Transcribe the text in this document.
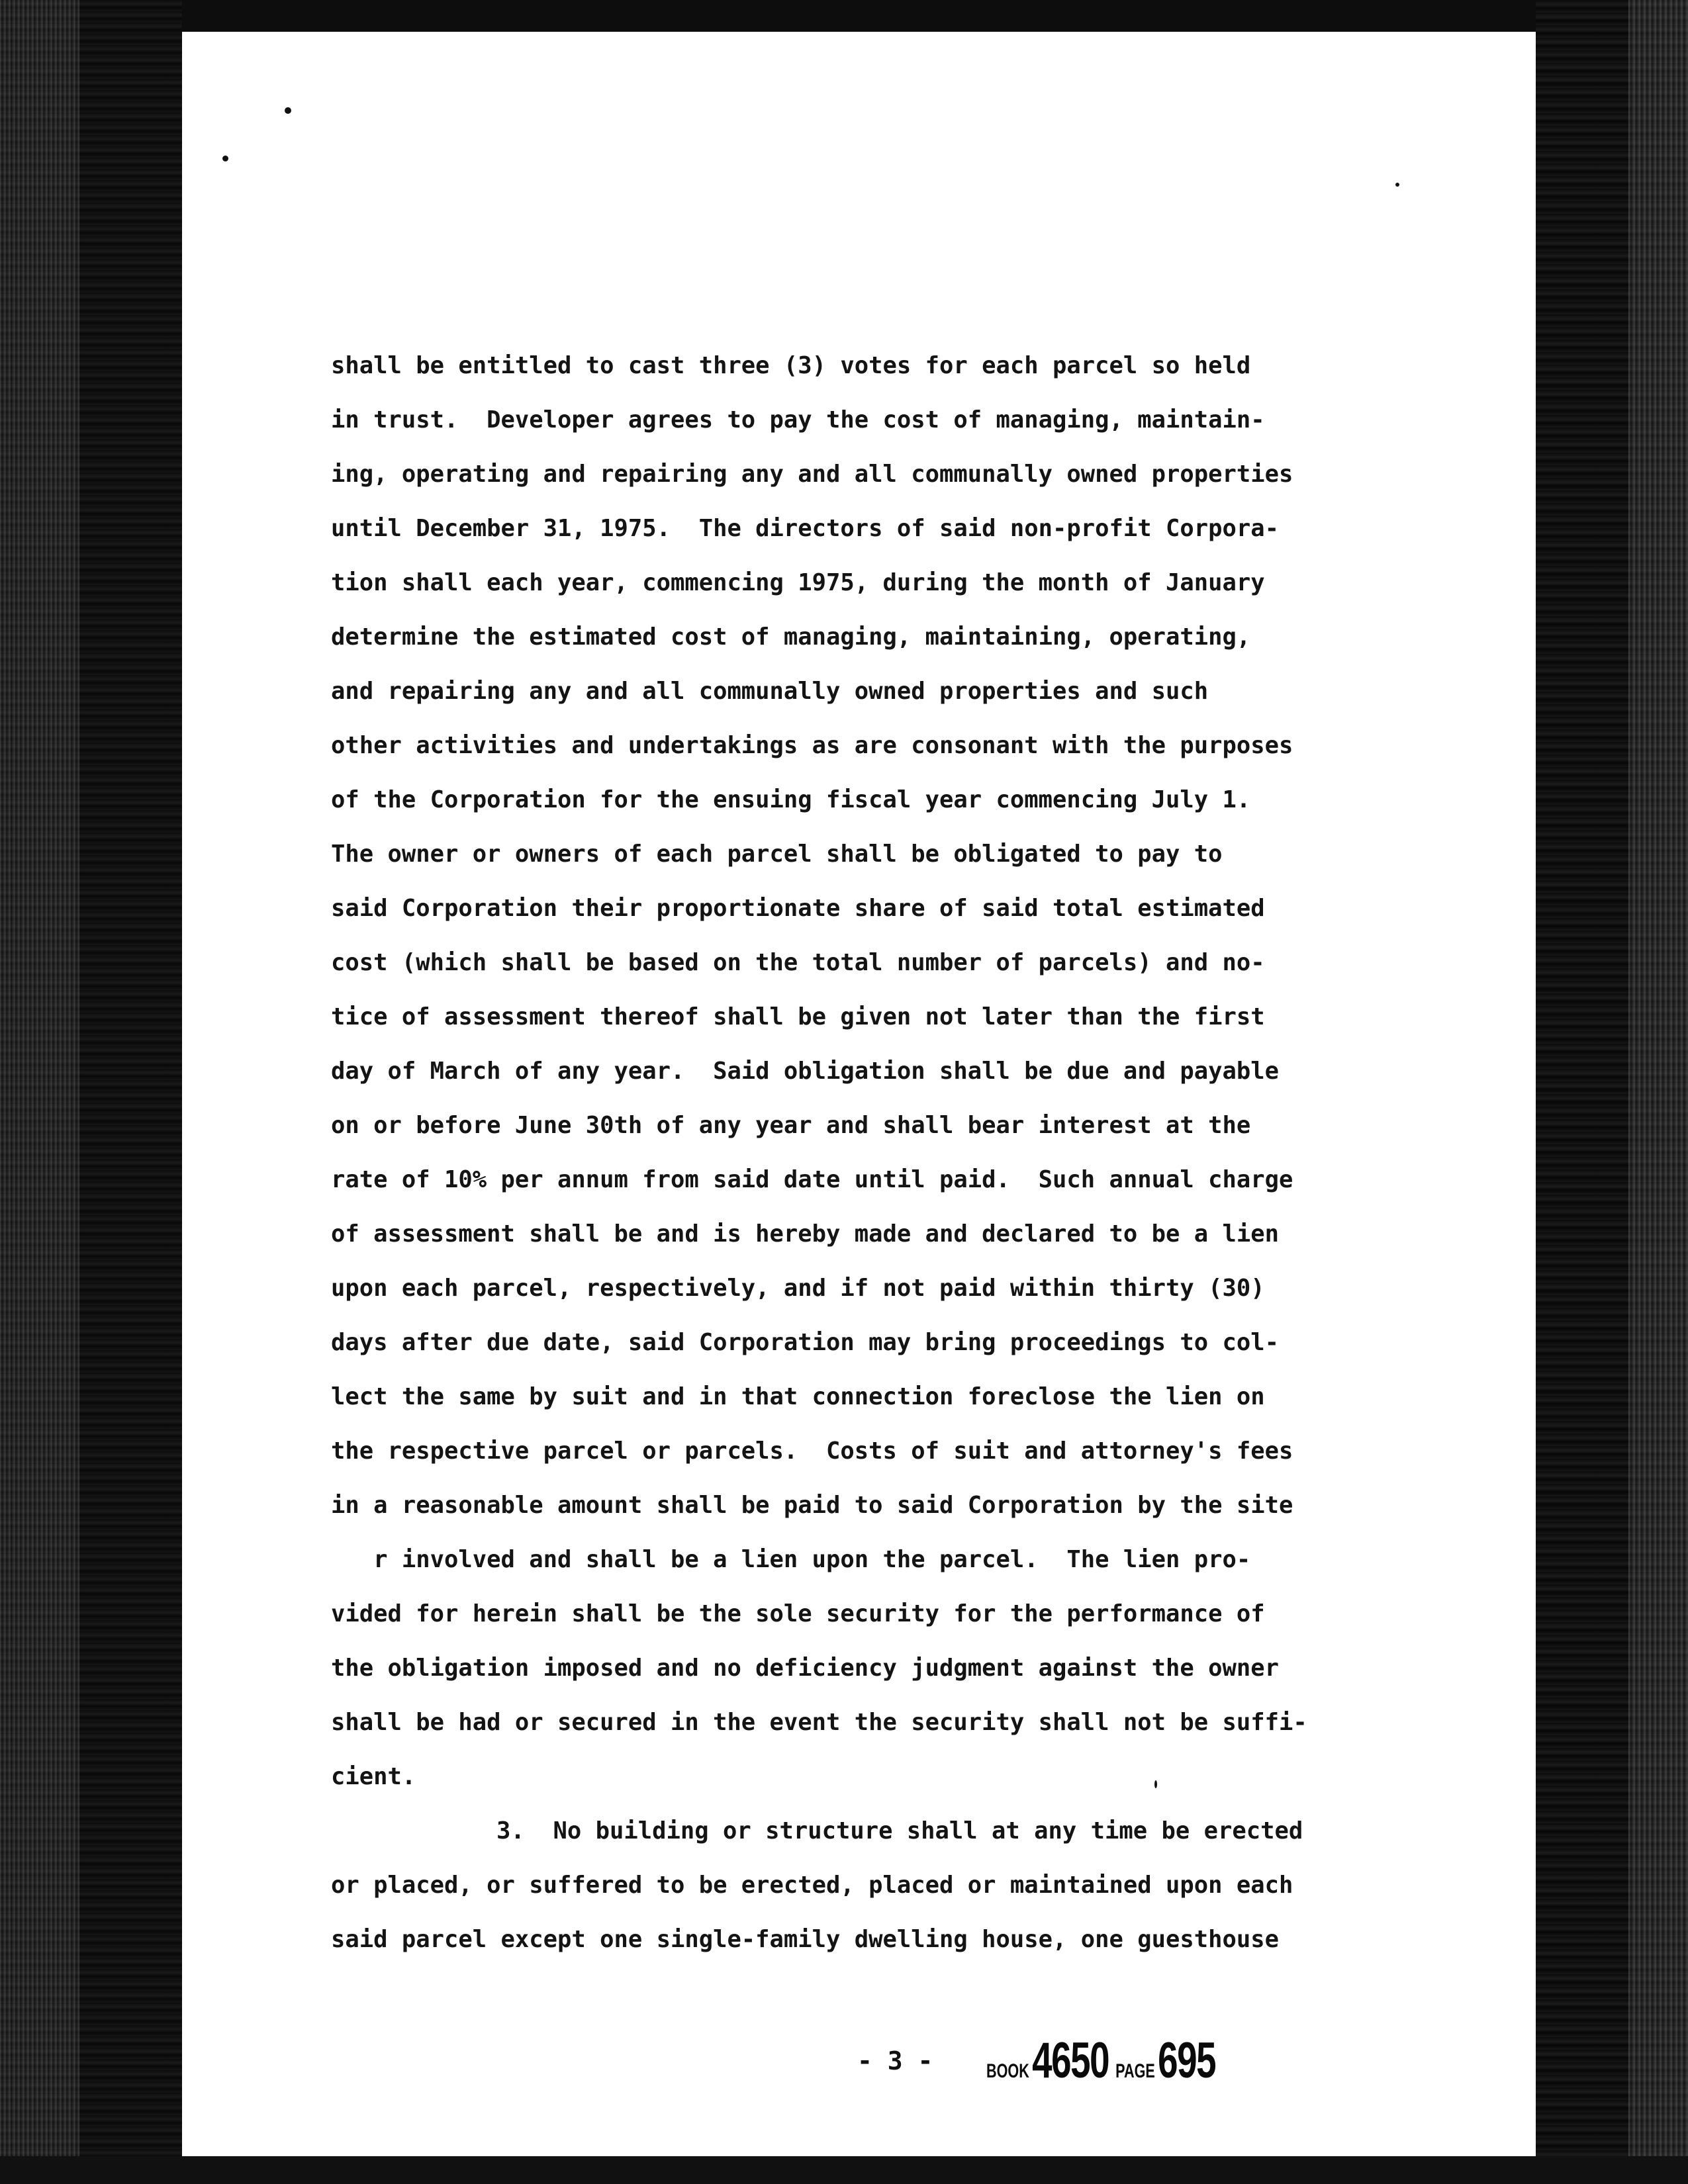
shall be entitled to cast three (3) votes for each parcel so held
in trust.  Developer agrees to pay the cost of managing, maintain-
ing, operating and repairing any and all communally owned properties
until December 31, 1975.  The directors of said non-profit Corpora-
tion shall each year, commencing 1975, during the month of January
determine the estimated cost of managing, maintaining, operating,
and repairing any and all communally owned properties and such
other activities and undertakings as are consonant with the purposes
of the Corporation for the ensuing fiscal year commencing July 1.
The owner or owners of each parcel shall be obligated to pay to
said Corporation their proportionate share of said total estimated
cost (which shall be based on the total number of parcels) and no-
tice of assessment thereof shall be given not later than the first
day of March of any year.  Said obligation shall be due and payable
on or before June 30th of any year and shall bear interest at the
rate of 10% per annum from said date until paid.  Such annual charge
of assessment shall be and is hereby made and declared to be a lien
upon each parcel, respectively, and if not paid within thirty (30)
days after due date, said Corporation may bring proceedings to col-
lect the same by suit and in that connection foreclose the lien on
the respective parcel or parcels.  Costs of suit and attorney's fees
in a reasonable amount shall be paid to said Corporation by the site
r involved and shall be a lien upon the parcel.  The lien pro-
vided for herein shall be the sole security for the performance of
the obligation imposed and no deficiency judgment against the owner
shall be had or secured in the event the security shall not be suffi-
cient.
3.  No building or structure shall at any time be erected
or placed, or suffered to be erected, placed or maintained upon each
said parcel except one single-family dwelling house, one guesthouse
- 3 -	BOOK 4650 PAGE 695
